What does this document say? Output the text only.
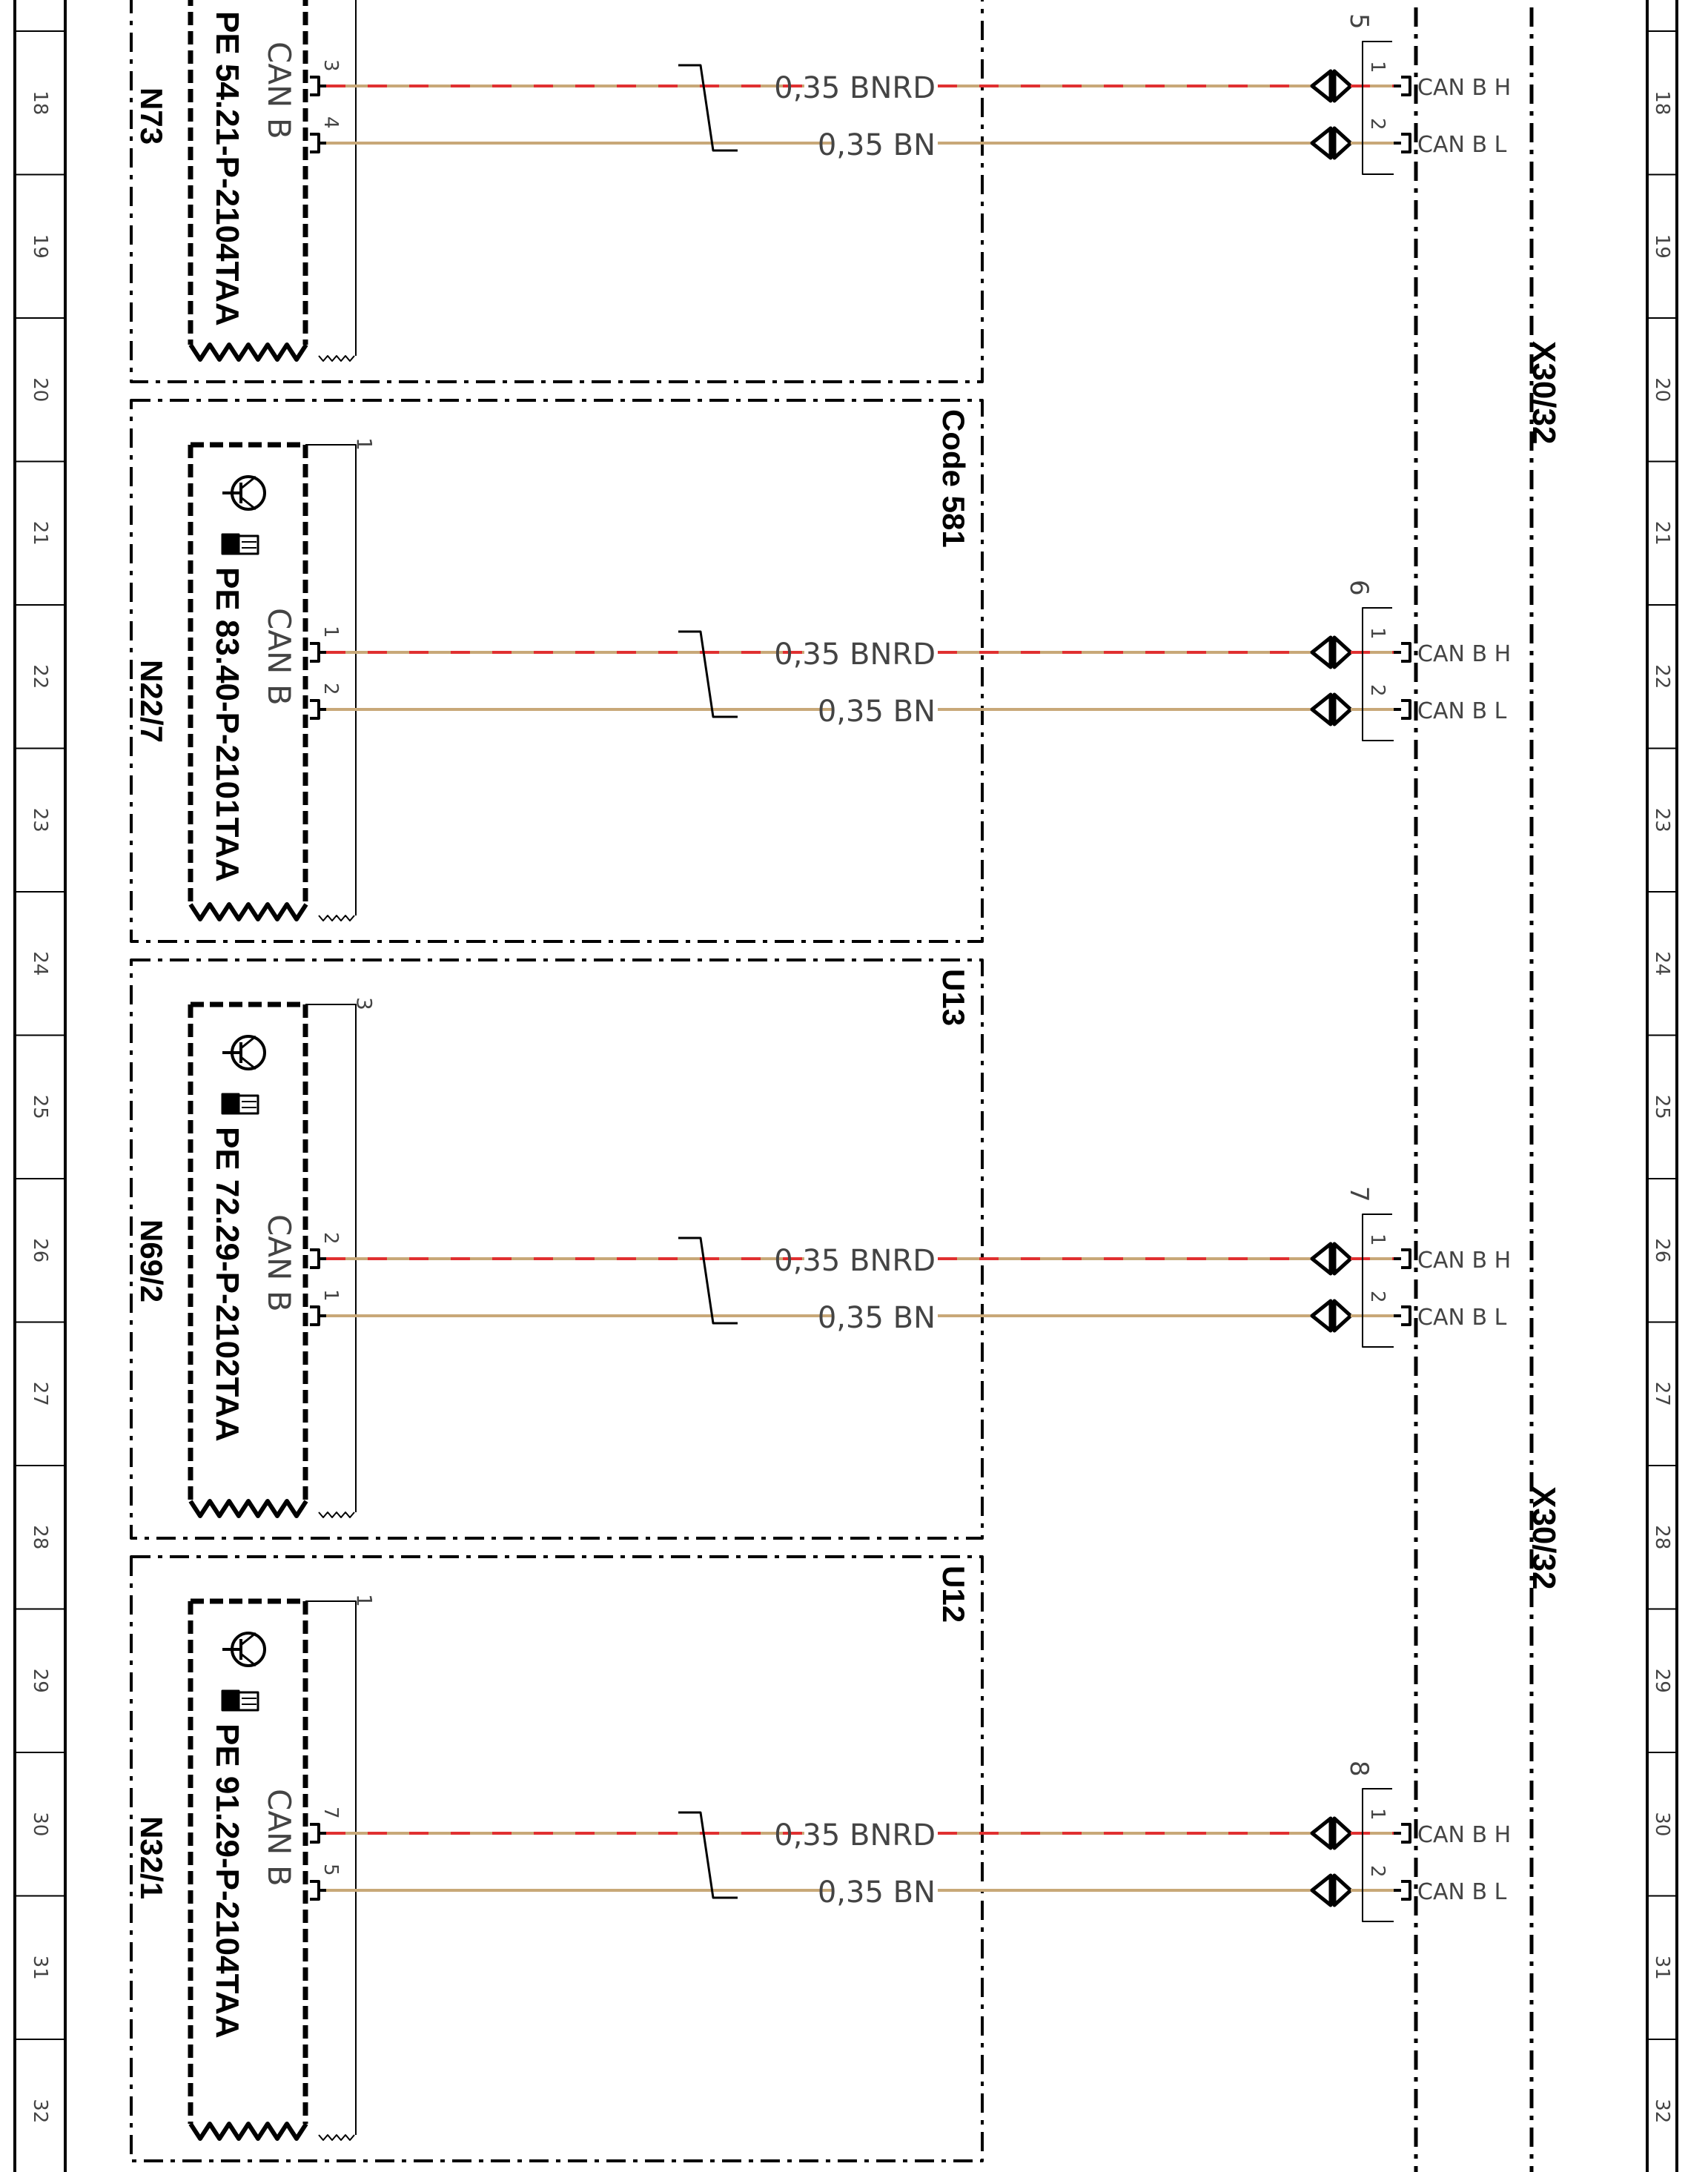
18
19
20
21
22
23
24
25
26
27
28
29
30
31
32
18
19
20
21
22
23
24
25
26
27
28
29
30
31
32
X30/32
X30/32
PE 54.21-P-2104TAA
N73	CAN B 3
4
0,35 BNRD
0,35 BN
5
1
CAN B H
2
CAN B L
1
PE 83.40-P-2101TAA
N22/7	CAN B
Code 581
1
2
0,35 BNRD
0,35 BN
6
1
CAN B H
2
CAN B L
3
PE 72.29-P-2102TAA
N69/2	CAN B
U13
2
1
0,35 BNRD
0,35 BN
7
1
CAN B H
2
CAN B L
1
PE 91.29-P-2104TAA
N32/1	CAN B
U12
7
5
0,35 BNRD
0,35 BN
8
1
CAN B H
2
CAN B L
